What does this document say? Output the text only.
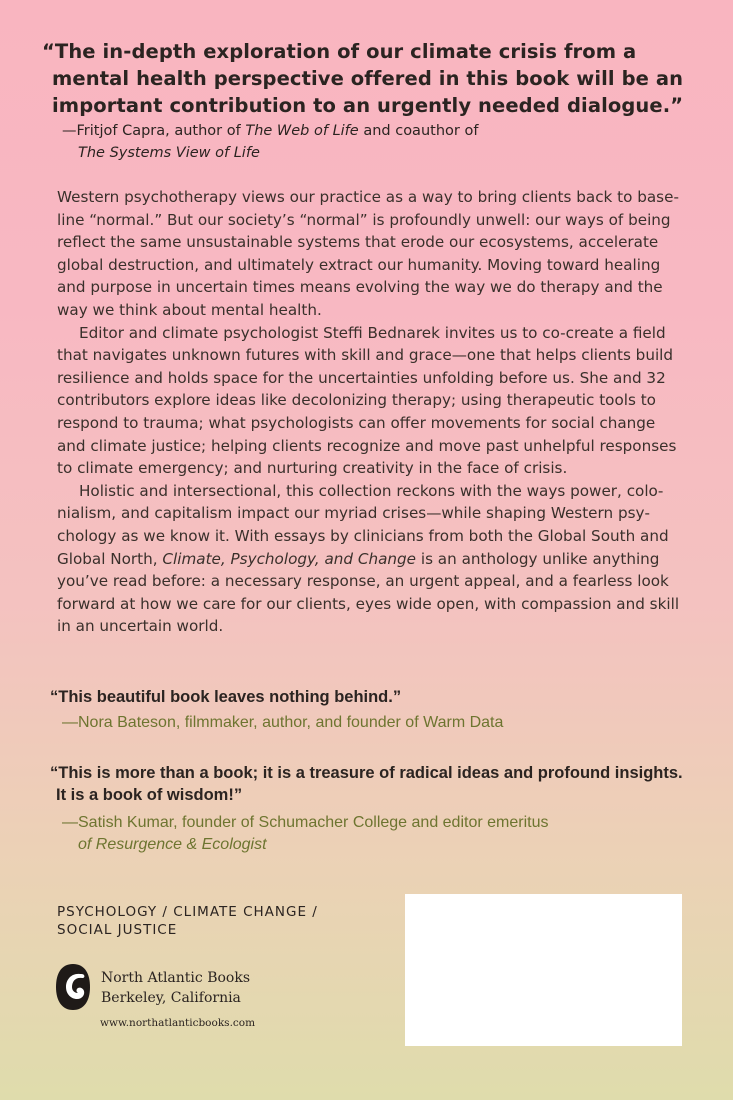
“The in-depth exploration of our climate crisis from a mental health perspective offered in this book will be an important contribution to an urgently needed dialogue.”
—Fritjof Capra, author of The Web of Life and coauthor of
The Systems View of Life

Western psychotherapy views our practice as a way to bring clients back to baseline “normal.” But our society’s “normal” is profoundly unwell: our ways of being reflect the same unsustainable systems that erode our ecosystems, accelerate global destruction, and ultimately extract our humanity. Moving toward healing and purpose in uncertain times means evolving the way we do therapy and the way we think about mental health.

Editor and climate psychologist Steffi Bednarek invites us to co-create a field that navigates unknown futures with skill and grace—one that helps clients build resilience and holds space for the uncertainties unfolding before us. She and 32 contributors explore ideas like decolonizing therapy; using therapeutic tools to respond to trauma; what psychologists can offer movements for social change and climate justice; helping clients recognize and move past unhelpful responses to climate emergency; and nurturing creativity in the face of crisis.

Holistic and intersectional, this collection reckons with the ways power, colonialism, and capitalism impact our myriad crises—while shaping Western psychology as we know it. With essays by clinicians from both the Global South and Global North, Climate, Psychology, and Change is an anthology unlike anything you’ve read before: a necessary response, an urgent appeal, and a fearless look forward at how we care for our clients, eyes wide open, with compassion and skill in an uncertain world.

“This beautiful book leaves nothing behind.”
—Nora Bateson, filmmaker, author, and founder of Warm Data
“This is more than a book; it is a treasure of radical ideas and profound insights. It is a book of wisdom!”
—Satish Kumar, founder of Schumacher College and editor emeritus
of Resurgence & Ecologist
PSYCHOLOGY / CLIMATE CHANGE /
SOCIAL JUSTICE
North Atlantic Books
Berkeley, California
www.northatlanticbooks.com
